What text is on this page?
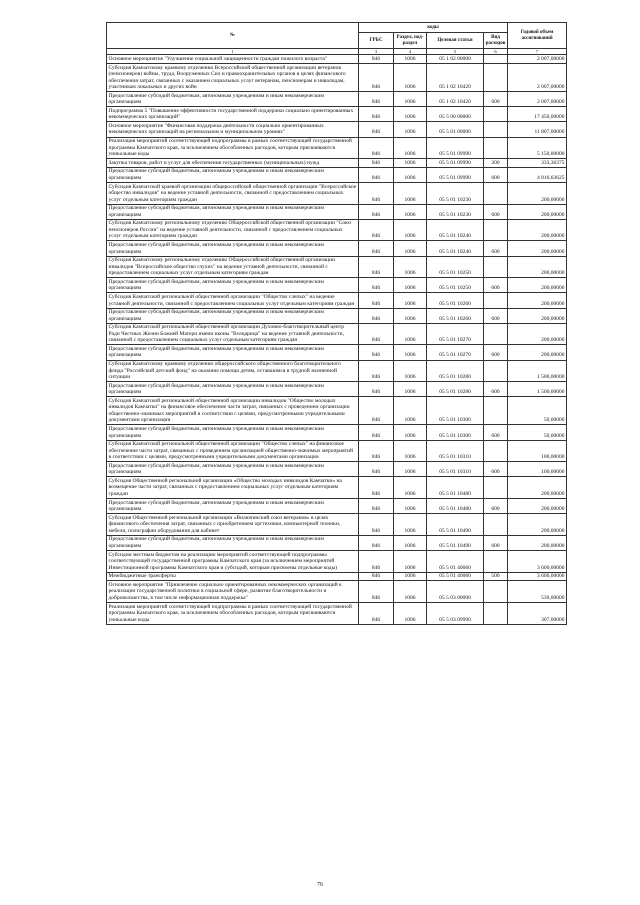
№	коды				Годовой объем ассигнований
	ГРБС	Раздел, под-раздел	Целевая статья	Вид расходов	
1	3	4	5	6	7
Основное мероприятие "Улучшение социальной защищенности граждан пожилого возраста"	846	1006	05 1 02 00000		2 007,00000
Субсидия Камчатскому краевому отделению Всероссийской общественной организации ветеранов (пенсионеров) войны, труда, Вооруженных Сил и правоохранительных органов в целях финансового обеспечения затрат, связанных с оказанием социальных услуг ветеранам, пенсионерам и инвалидам, участникам локальных и других войн	846	1006	05 1 02 10420		2 007,00000
Предоставление субсидий бюджетным, автономным учреждениям и иным некоммерческим организациям	846	1006	05 1 02 10420	600	2 007,00000
Подпрограмма 5 "Повышение эффективности государственной поддержки социально ориентированных некоммерческих организаций"	846	1006	05 5 00 00000		17 450,00000
Основное мероприятие "Финансовая поддержка деятельности социально ориентированных некоммерческих организаций на региональном и муниципальном уровнях"	846	1006	05 5 01 00000		11 807,00000
Реализация мероприятий соответствующей подпрограммы в рамках соответствующей государственной программы Камчатского края, за исключением обособленных расходов, которым присваиваются уникальные коды	846	1006	05 5 01 09990		5 150,00000
Закупка товаров, работ и услуг для обеспечения государственных (муниципальных) нужд	846	1006	05 5 01 09990	200	333,36375
Предоставление субсидий бюджетным, автономным учреждениям и иным некоммерческим организациям	846	1006	05 5 01 09990	600	4 816,63625
Субсидия Камчатской краевой организации общероссийской общественной организации "Всероссийское общество инвалидов" на ведение уставной деятельности, связанной с предоставлением социальных услуг отдельным категориям граждан	846	1006	05 5 01 10230		200,00000
Предоставление субсидий бюджетным, автономным учреждениям и иным некоммерческим организациям	846	1006	05 5 01 10230	600	200,00000
Субсидия Камчатскому региональному отделению Общероссийской общественной организации "Союз пенсионеров России" на ведение уставной деятельности, связанной с предоставлением социальных услуг отдельным категориям граждан	846	1006	05 5 01 10240		200,00000
Предоставление субсидий бюджетным, автономным учреждениям и иным некоммерческим организациям	846	1006	05 5 01 10240	600	200,00000
Субсидия Камчатскому региональному отделению Общероссийской общественной организации инвалидов "Всероссийское общество глухих" на ведение уставной деятельности, связанной с предоставлением социальных услуг отдельным категориям граждан	846	1006	05 5 01 10250		200,00000
Предоставление субсидий бюджетным, автономным учреждениям и иным некоммерческим организациям	846	1006	05 5 01 10250	600	200,00000
Субсидия Камчатской региональной общественной организации "Общество слепых" на ведение уставной деятельности, связанной с предоставлением социальных услуг отдельным категориям граждан	846	1006	05 5 01 10260		200,00000
Предоставление субсидий бюджетным, автономным учреждениям и иным некоммерческим организациям	846	1006	05 5 01 10260	600	200,00000
Субсидия Камчатской региональной общественной организации Духовно-благотворительный центр Ради Честных Жизни Божией Матери имени иконы "Всецарица" на ведение уставной деятельности, связанной с предоставлением социальных услуг отдельным категориям граждан	846	1006	05 5 01 10270		200,00000
Предоставление субсидий бюджетным, автономным учреждениям и иным некоммерческим организациям	846	1006	05 5 01 10270	600	200,00000
Субсидия Камчатскому краевому отделению общероссийского общественного благотворительного фонда "Российский детский фонд" на оказание помощи детям, оставшимся в трудной жизненной ситуации	846	1006	05 5 01 10280		1 500,00000
Предоставление субсидий бюджетным, автономным учреждениям и иным некоммерческим организациям	846	1006	05 5 01 10280	600	1 500,00000
Субсидия Камчатской региональной общественной организации инвалидов "Общество молодых инвалидов Камчатки" на финансовое обеспечение части затрат, связанных с проведением организации общественно-значимых мероприятий в соответствии с целями, предусмотренными учредительными документами организации	846	1006	05 5 01 10300		50,00000
Предоставление субсидий бюджетным, автономным учреждениям и иным некоммерческим организациям	846	1006	05 5 01 10300	600	50,00000
Субсидия Камчатской региональной общественной организации "Общество слепых" на финансовое обеспечение части затрат, связанных с проведением организацией общественно-значимых мероприятий в соответствии с целями, предусмотренными учредительными документами организации	846	1006	05 5 01 10310		100,00000
Предоставление субсидий бюджетным, автономным учреждениям и иным некоммерческим организациям	846	1006	05 5 01 10310	600	100,00000
Субсидия Общественной региональной организации «Общество молодых инвалидов Камчатки» на возмещение части затрат, связанных с предоставлением социальных услуг отдельным категориям граждан	846	1006	05 5 01 10480		200,00000
Предоставление субсидий бюджетным, автономным учреждениям и иным некоммерческим организациям	846	1006	05 5 01 10480	600	200,00000
Субсидия Общественной региональной организации «Вилючинский союз ветеранов» в целях финансового обеспечения затрат, связанных с приобретением оргтехники, компьютерной техники, мебели, полиграфии оборудования для кабинет	846	1006	05 5 01 10490		200,00000
Предоставление субсидий бюджетным, автономным учреждениям и иным некоммерческим организациям	846	1006	05 5 01 10490	600	200,00000
Субсидии местным бюджетам на реализацию мероприятий соответствующей подпрограммы соответствующей государственной программы Камчатского края (за исключением мероприятий Инвестиционной программы Камчатского края и субсидий, которым присвоены отдельные коды)	846	1006	05 5 01 40060		3 600,00000
Межбюджетные трансферты	846	1006	05 5 01 40060	500	3 600,00000
Основное мероприятие "Привлечение социально ориентированных некоммерческих организаций к реализации государственной политики в социальной сфере, развитие благотворительности и добровольчества, в том числе информационная поддержка"	846	1006	05 5 03 00000		530,00000
Реализация мероприятий соответствующей подпрограммы в рамках соответствующей государственной программы Камчатского края, за исключением обособленных расходов, которым присваиваются уникальные коды	846	1006	05 5 03 09990		307,00000
76
